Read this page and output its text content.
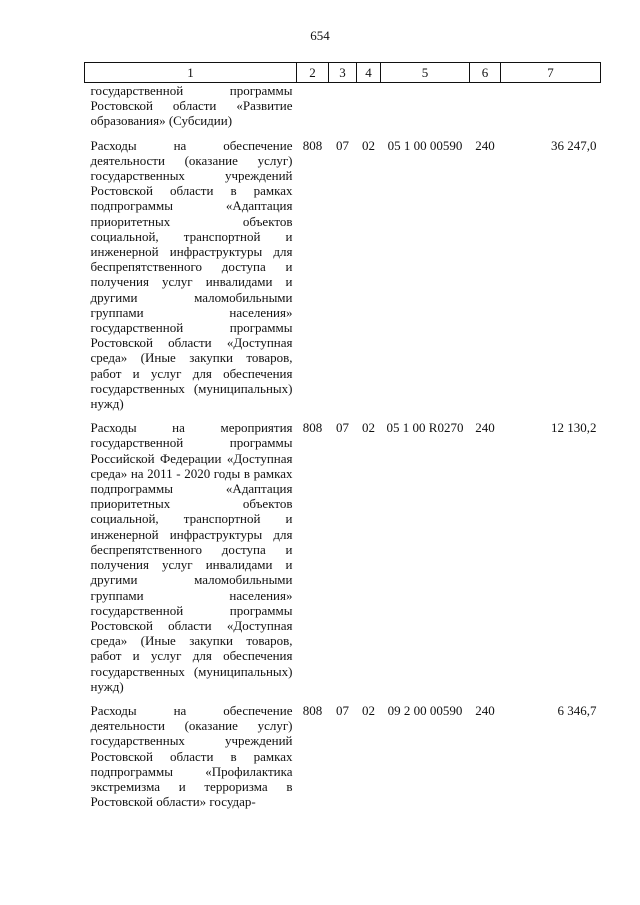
654
1	2	3	4	5	6	7
государственной программы Ростовской области «Развитие образования» (Субсидии)						

Расходы на обеспечение деятельности (оказание услуг) государственных учреждений Ростовской области в рамках подпрограммы «Адаптация приоритетных объектов социальной, транспортной и инженерной инфраструктуры для беспрепятственного доступа и получения услуг инвалидами и другими маломобильными группами населения» государственной программы Ростовской области «Доступная среда» (Иные закупки товаров, работ и услуг для обеспечения государственных (муниципальных) нужд)	808	07	02	05 1 00 00590	240	36 247,0

Расходы на мероприятия государственной программы Российской Федерации «Доступная среда» на 2011 - 2020 годы в рамках подпрограммы «Адаптация приоритетных объектов социальной, транспортной и инженерной инфраструктуры для беспрепятственного доступа и получения услуг инвалидами и другими маломобильными группами населения» государственной программы Ростовской области «Доступная среда» (Иные закупки товаров, работ и услуг для обеспечения государственных (муниципальных) нужд)	808	07	02	05 1 00 R0270	240	12 130,2

Расходы на обеспечение деятельности (оказание услуг) государственных учреждений Ростовской области в рамках подпрограммы «Профилактика экстремизма и терроризма в Ростовской области» государ-	808	07	02	09 2 00 00590	240	6 346,7
